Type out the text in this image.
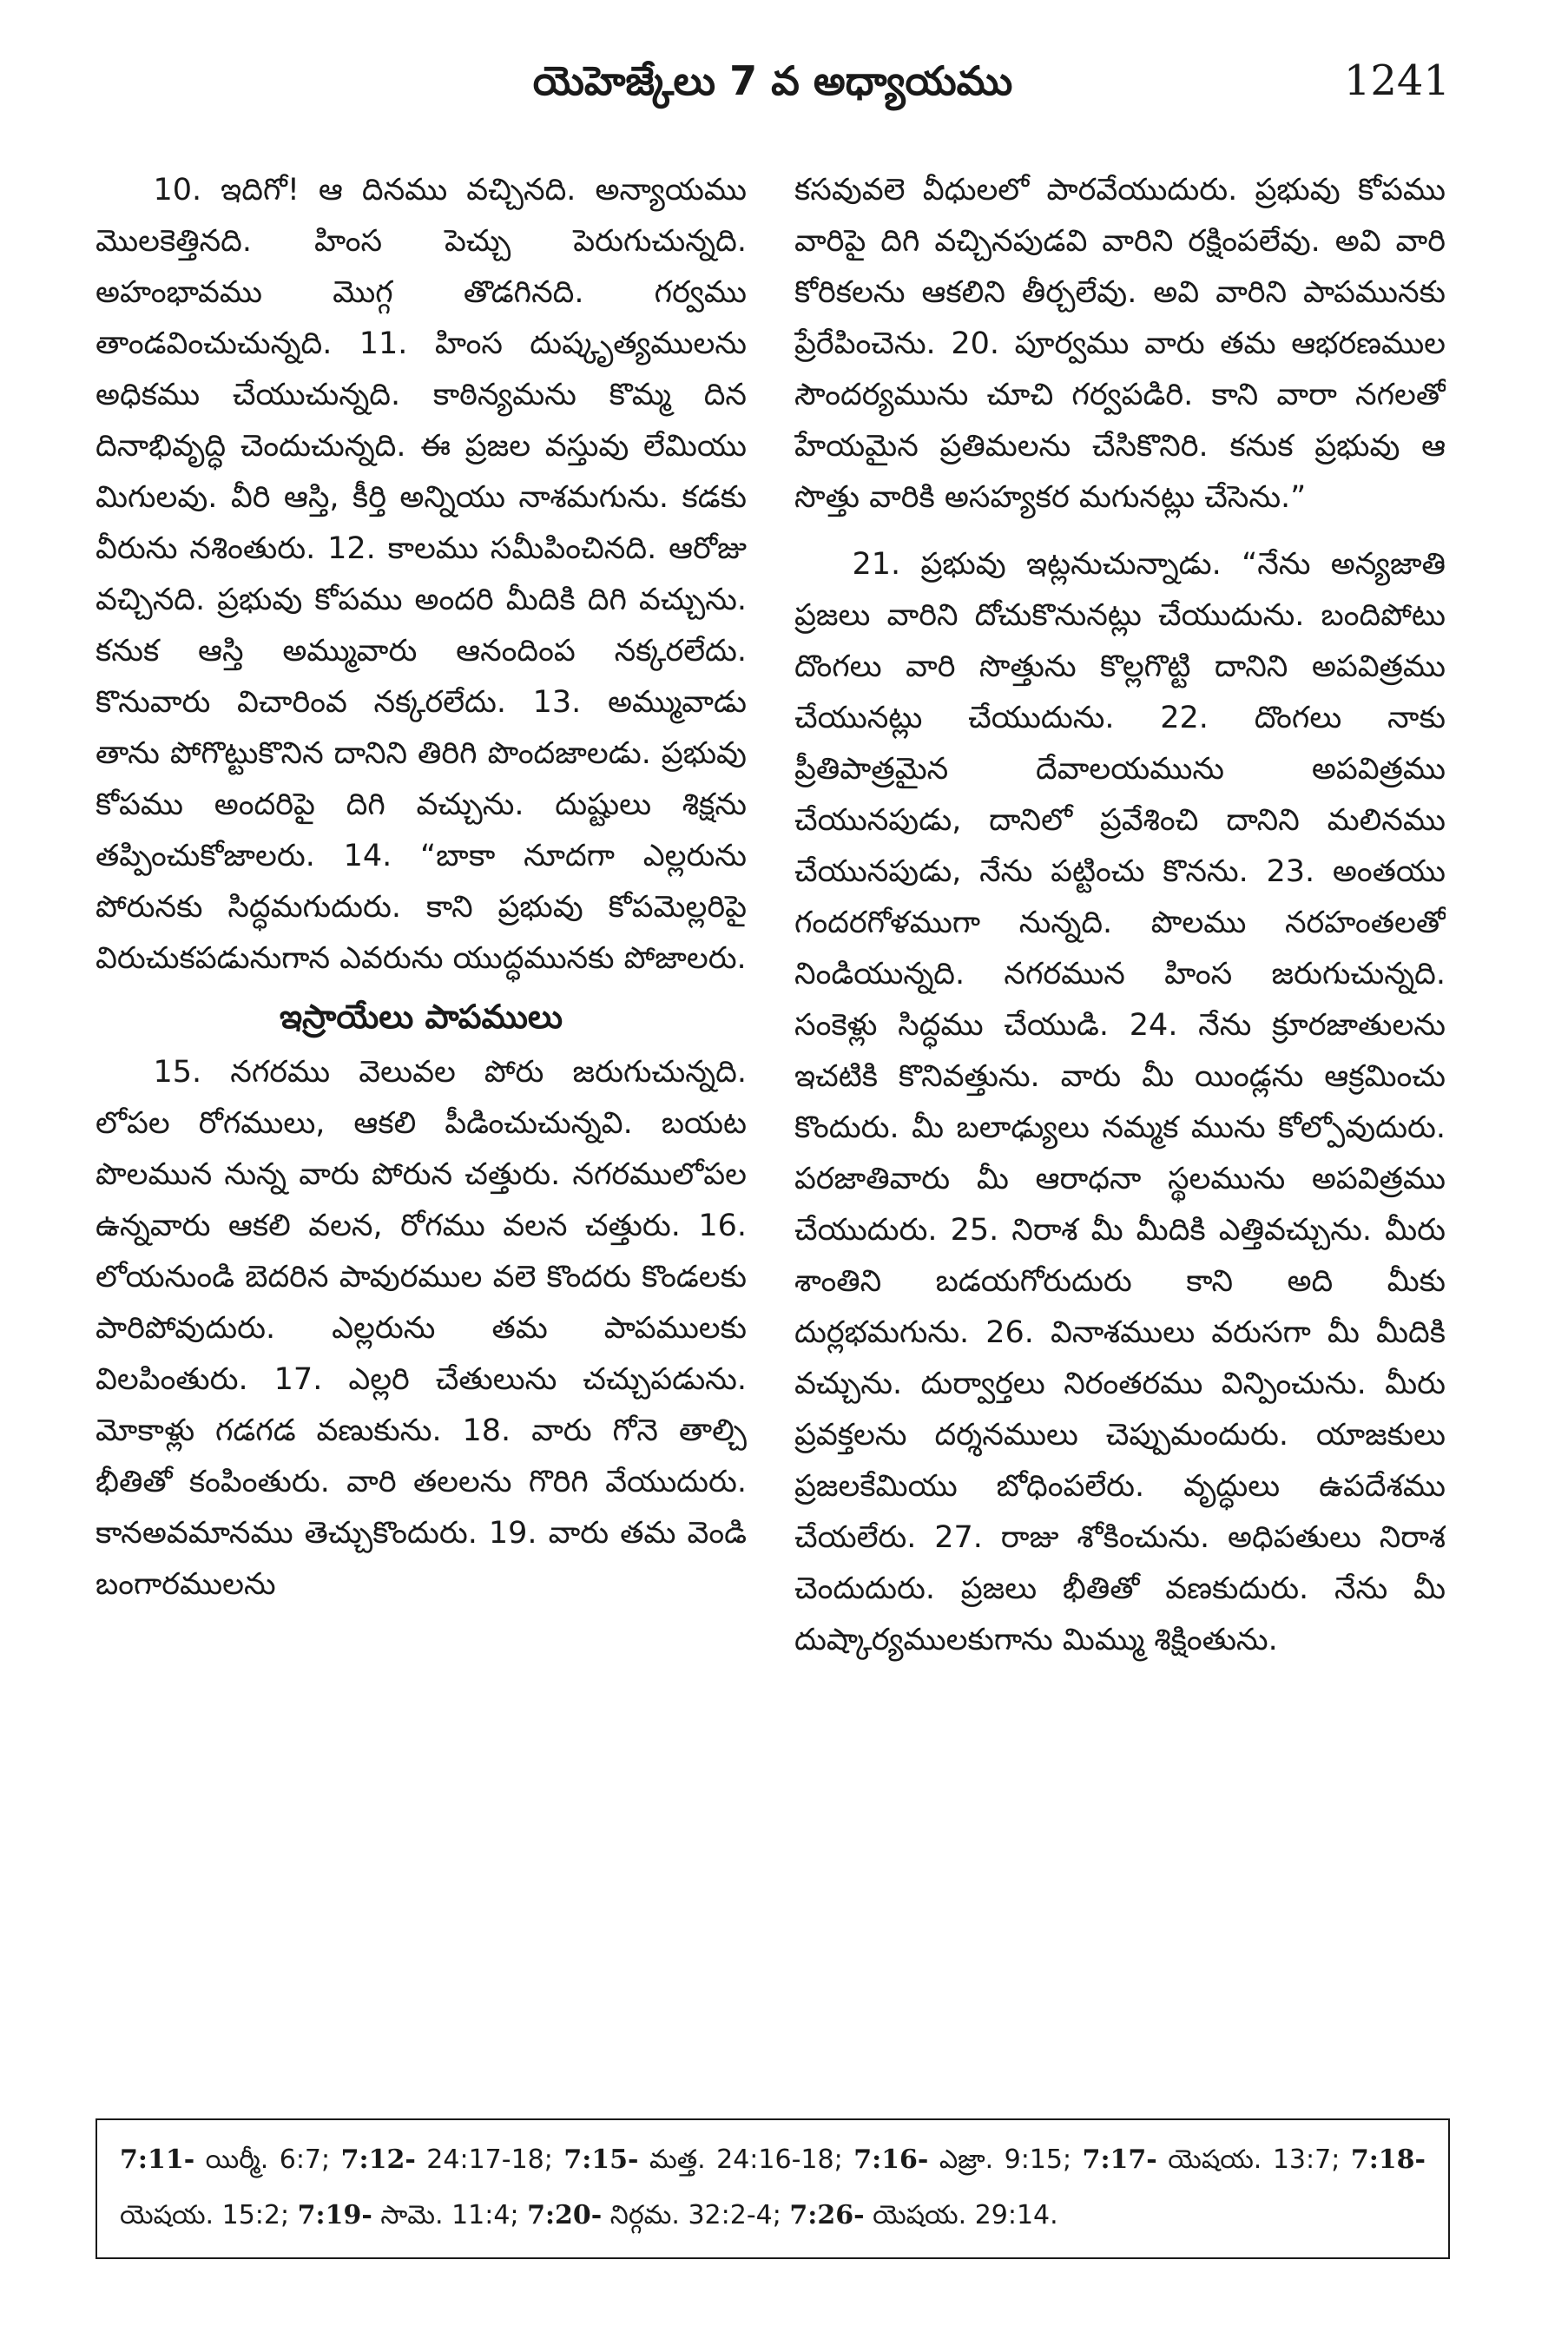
యెహెజ్కేలు 7 వ అధ్యాయము	1241

10. ఇదిగో! ఆ దినము వచ్చినది. అన్యాయము మొలకెత్తినది. హింస పెచ్చు పెరుగుచున్నది. అహంభావము మొగ్గ తొడగినది. గర్వము తాండవించుచున్నది. 11. హింస దుష్కృత్యములను అధికము చేయుచున్నది. కాఠిన్యమను కొమ్మ దిన దినాభివృద్ధి చెందుచున్నది. ఈ ప్రజల వస్తువు లేమియు మిగులవు. వీరి ఆస్తి, కీర్తి అన్నియు నాశమగును. కడకు వీరును నశింతురు. 12. కాలము సమీపించినది. ఆరోజు వచ్చినది. ప్రభువు కోపము అందరి మీదికి దిగి వచ్చును. కనుక ఆస్తి అమ్మువారు ఆనందింప నక్కరలేదు. కొనువారు విచారింవ నక్కరలేదు. 13. అమ్మువాడు తాను పోగొట్టుకొనిన దానిని తిరిగి పొందజాలడు. ప్రభువు కోపము అందరిపై దిగి వచ్చును. దుష్టులు శిక్షను తప్పించుకోజాలరు. 14. “బాకా నూదగా ఎల్లరును పోరునకు సిద్ధమగుదురు. కాని ప్రభువు కోపమెల్లరిపై విరుచుకపడునుగాన ఎవరును యుద్ధమునకు పోజాలరు.

ఇస్రాయేలు పాపములు

15. నగరము వెలువల పోరు జరుగుచున్నది. లోపల రోగములు, ఆకలి పీడించుచున్నవి. బయట పొలమున నున్న వారు పోరున చత్తురు. నగరములోపల ఉన్నవారు ఆకలి వలన, రోగము వలన చత్తురు. 16. లోయనుండి బెదరిన పావురముల వలె కొందరు కొండలకు పారిపోవుదురు. ఎల్లరును తమ పాపములకు విలపింతురు. 17. ఎల్లరి చేతులును చచ్చుపడును. మోకాళ్లు గడగడ వణుకును. 18. వారు గోనె తాల్చి భీతితో కంపింతురు. వారి తలలను గొరిగి వేయుదురు. కానఅవమానము తెచ్చుకొందురు. 19. వారు తమ వెండి బంగారములను

కసవువలె వీధులలో పారవేయుదురు. ప్రభువు కోపము వారిపై దిగి వచ్చినపుడవి వారిని రక్షింపలేవు. అవి వారి కోరికలను ఆకలిని తీర్చలేవు. అవి వారిని పాపమునకు ప్రేరేపించెను. 20. పూర్వము వారు తమ ఆభరణముల సౌందర్యమును చూచి గర్వపడిరి. కాని వారా నగలతో హేయమైన ప్రతిమలను చేసికొనిరి. కనుక ప్రభువు ఆ సొత్తు వారికి అసహ్యకర మగునట్లు చేసెను.”

21. ప్రభువు ఇట్లనుచున్నాడు. “నేను అన్యజాతి ప్రజలు వారిని దోచుకొనునట్లు చేయుదును. బందిపోటు దొంగలు వారి సొత్తును కొల్లగొట్టి దానిని అపవిత్రము చేయునట్లు చేయుదును. 22. దొంగలు నాకు ప్రీతిపాత్రమైన దేవాలయమును అపవిత్రము చేయునపుడు, దానిలో ప్రవేశించి దానిని మలినము చేయునపుడు, నేను పట్టించు కొనను. 23. అంతయు గందరగోళముగా నున్నది. పొలము నరహంతలతో నిండియున్నది. నగరమున హింస జరుగుచున్నది. సంకెళ్లు సిద్ధము చేయుడి. 24. నేను క్రూరజాతులను ఇచటికి కొనివత్తును. వారు మీ యిండ్లను ఆక్రమించు కొందురు. మీ బలాఢ్యులు నమ్మక మును కోల్పోవుదురు. పరజాతివారు మీ ఆరాధనా స్థలమును అపవిత్రము చేయుదురు. 25. నిరాశ మీ మీదికి ఎత్తివచ్చును. మీరు శాంతిని బడయగోరుదురు కాని అది మీకు దుర్లభమగును. 26. వినాశములు వరుసగా మీ మీదికి వచ్చును. దుర్వార్తలు నిరంతరము విన్పించును. మీరు ప్రవక్తలను దర్శనములు చెప్పుమందురు. యాజకులు ప్రజలకేమియు బోధింపలేరు. వృద్ధులు ఉపదేశము చేయలేరు. 27. రాజు శోకించును. అధిపతులు నిరాశ చెందుదురు. ప్రజలు భీతితో వణకుదురు. నేను మీ దుష్కార్యములకుగాను మిమ్ము శిక్షింతును.

7:11- యిర్మీ. 6:7; 7:12- 24:17-18; 7:15- మత్త. 24:16-18; 7:16- ఎజ్రా. 9:15; 7:17- యెషయ. 13:7; 7:18- యెషయ. 15:2; 7:19- సామె. 11:4; 7:20- నిర్గమ. 32:2-4; 7:26- యెషయ. 29:14.
